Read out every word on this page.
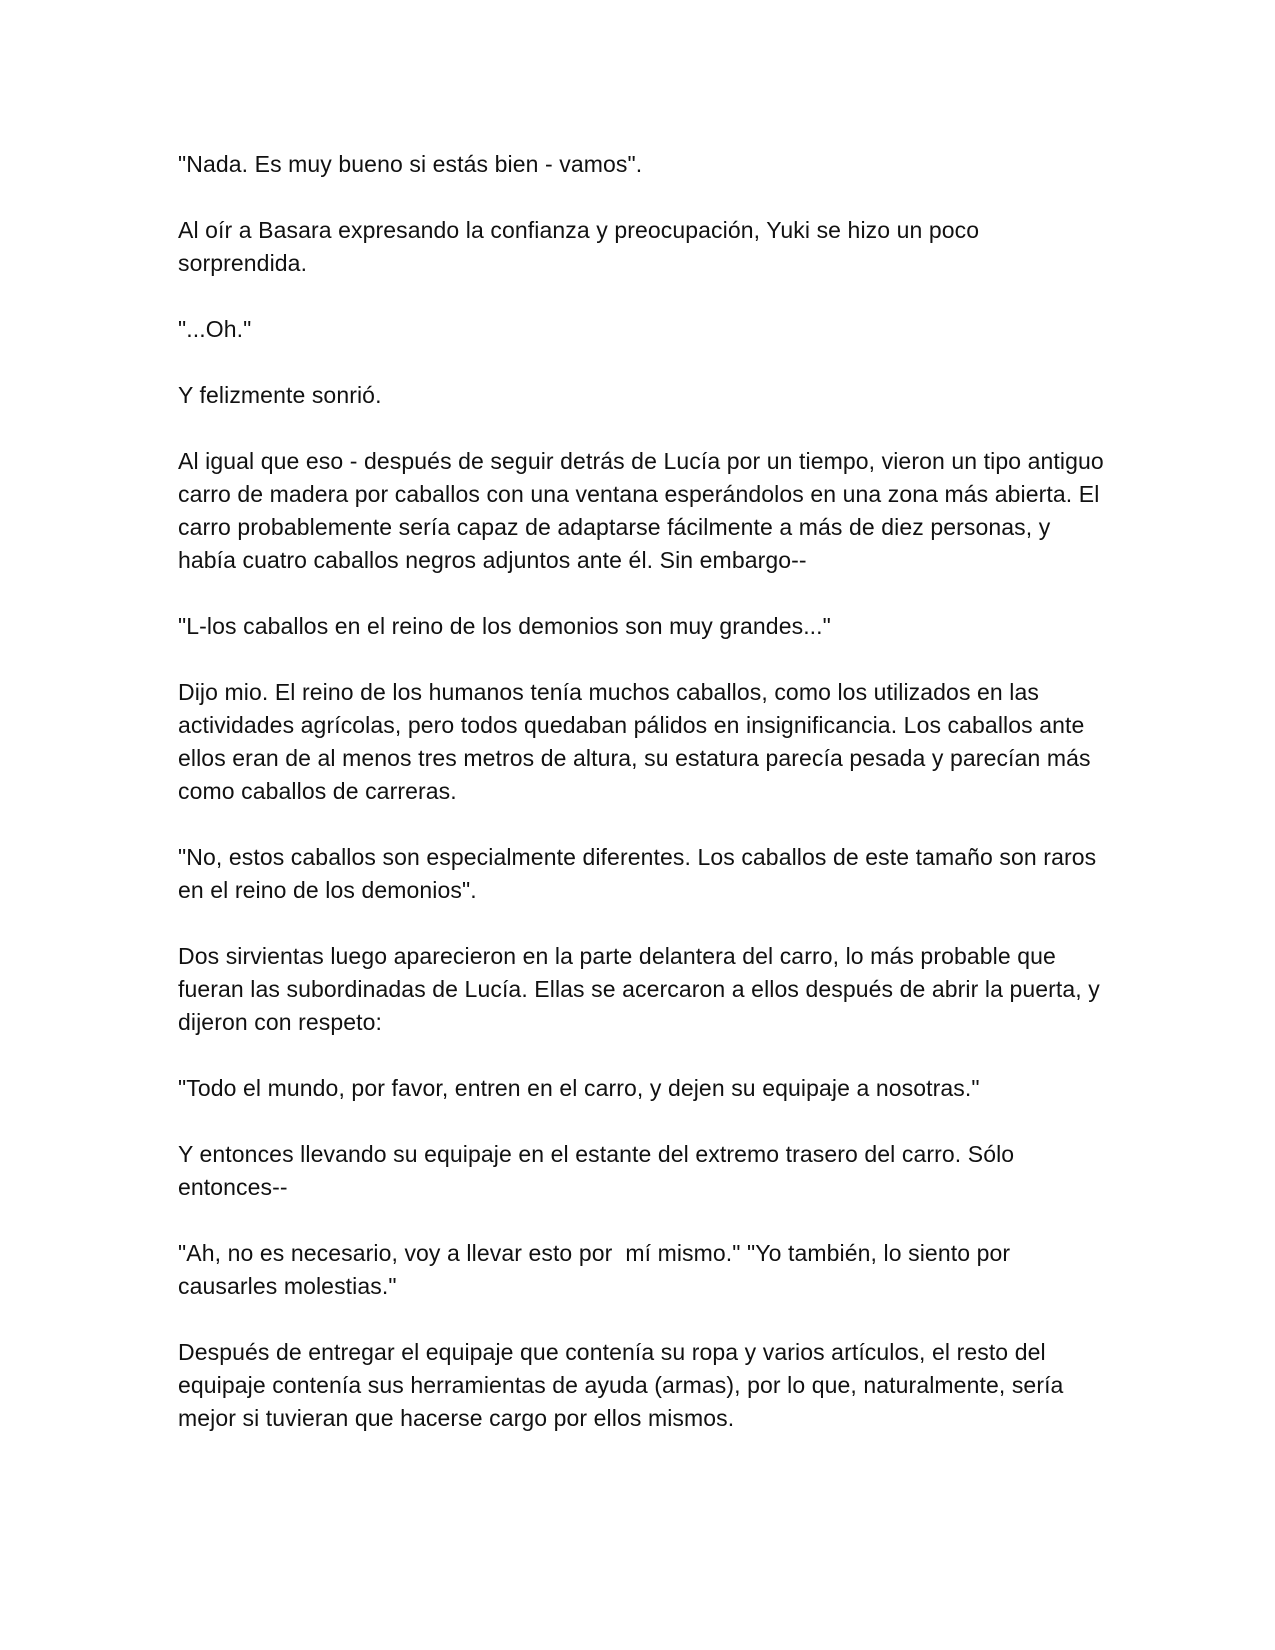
"Nada. Es muy bueno si estás bien - vamos".

Al oír a Basara expresando la confianza y preocupación, Yuki se hizo un poco sorprendida.

"...Oh."

Y felizmente sonrió.

Al igual que eso - después de seguir detrás de Lucía por un tiempo, vieron un tipo antiguo carro de madera por caballos con una ventana esperándolos en una zona más abierta. El carro probablemente sería capaz de adaptarse fácilmente a más de diez personas, y había cuatro caballos negros adjuntos ante él. Sin embargo--

"L-los caballos en el reino de los demonios son muy grandes..."

Dijo mio. El reino de los humanos tenía muchos caballos, como los utilizados en las actividades agrícolas, pero todos quedaban pálidos en insignificancia. Los caballos ante ellos eran de al menos tres metros de altura, su estatura parecía pesada y parecían más como caballos de carreras.

"No, estos caballos son especialmente diferentes. Los caballos de este tamaño son raros en el reino de los demonios".

Dos sirvientas luego aparecieron en la parte delantera del carro, lo más probable que fueran las subordinadas de Lucía. Ellas se acercaron a ellos después de abrir la puerta, y dijeron con respeto:

"Todo el mundo, por favor, entren en el carro, y dejen su equipaje a nosotras."

Y entonces llevando su equipaje en el estante del extremo trasero del carro. Sólo entonces--

"Ah, no es necesario, voy a llevar esto por  mí mismo." "Yo también, lo siento por causarles molestias."

Después de entregar el equipaje que contenía su ropa y varios artículos, el resto del equipaje contenía sus herramientas de ayuda (armas), por lo que, naturalmente, sería mejor si tuvieran que hacerse cargo por ellos mismos.
